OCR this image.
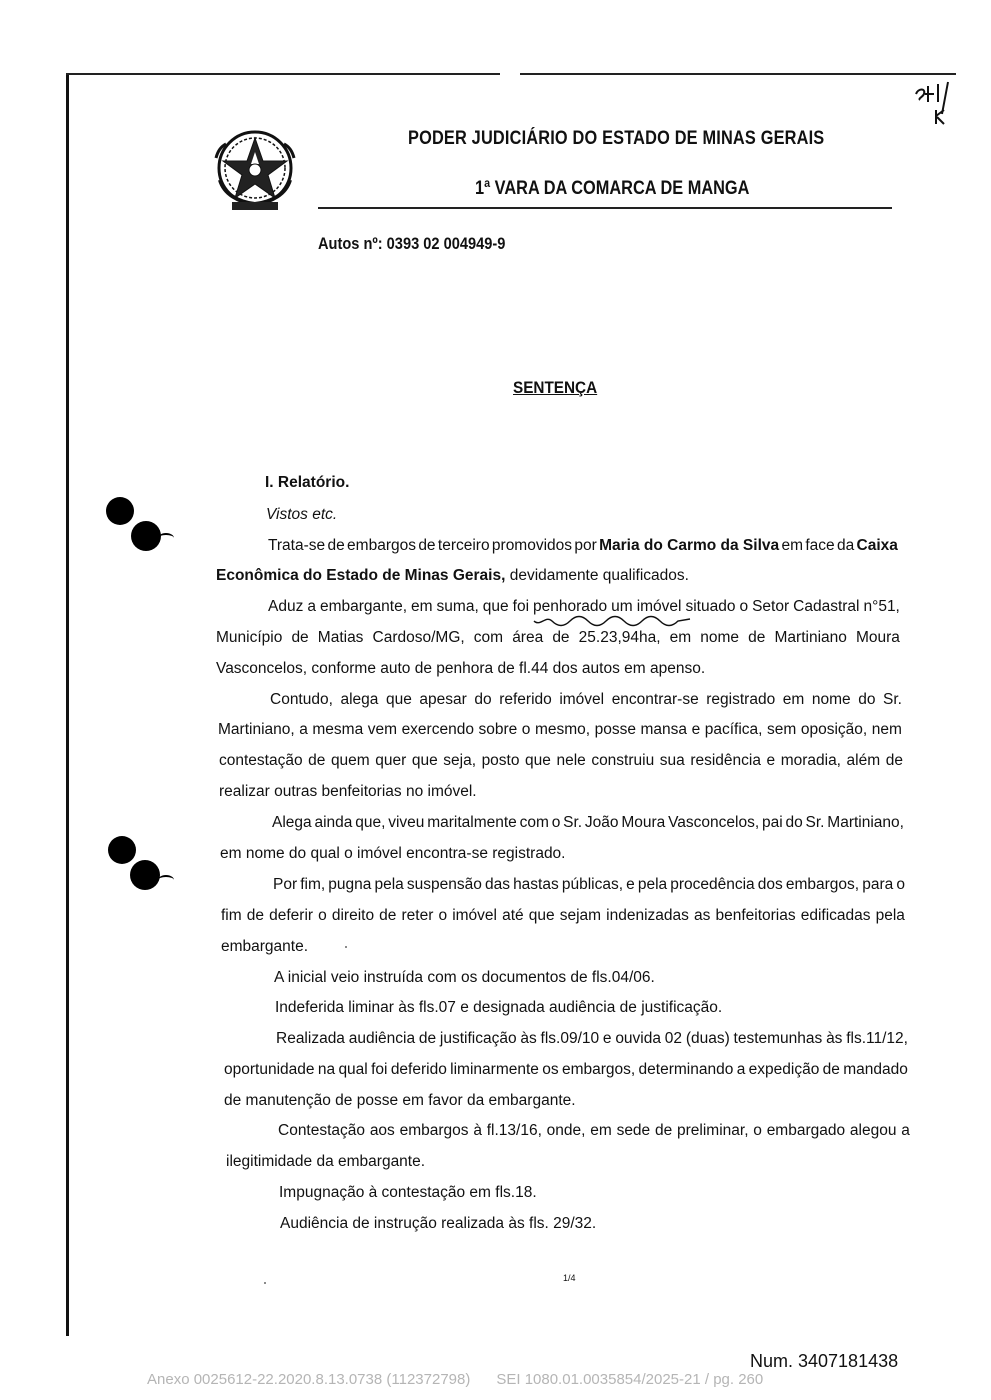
PODER JUDICIÁRIO DO ESTADO DE MINAS GERAIS
1ª VARA DA COMARCA DE MANGA
Autos nº: 0393 02 004949-9
SENTENÇA
I. Relatório.
Vistos etc.
Trata-se de embargos de terceiro promovidos por Maria do Carmo da Silva em face da Caixa
Econômica do Estado de Minas Gerais, devidamente qualificados.
Aduz a embargante, em suma, que foi penhorado um imóvel situado o Setor Cadastral n°51,
Município de Matias Cardoso/MG, com área de 25.23,94ha, em nome de Martiniano Moura
Vasconcelos, conforme auto de penhora de fl.44 dos autos em apenso.
Contudo, alega que apesar do referido imóvel encontrar-se registrado em nome do Sr.
Martiniano, a mesma vem exercendo sobre o mesmo, posse mansa e pacífica, sem oposição, nem
contestação de quem quer que seja, posto que nele construiu sua residência e moradia, além de
realizar outras benfeitorias no imóvel.
Alega ainda que, viveu maritalmente com o Sr. João Moura Vasconcelos, pai do Sr. Martiniano,
em nome do qual o imóvel encontra-se registrado.
Por fim, pugna pela suspensão das hastas públicas, e pela procedência dos embargos, para o
fim de deferir o direito de reter o imóvel até que sejam indenizadas as benfeitorias edificadas pela
embargante.
A inicial veio instruída com os documentos de fls.04/06.
Indeferida liminar às fls.07 e designada audiência de justificação.
Realizada audiência de justificação às fls.09/10 e ouvida 02 (duas) testemunhas às fls.11/12,
oportunidade na qual foi deferido liminarmente os embargos, determinando a expedição de mandado
de manutenção de posse em favor da embargante.
Contestação aos embargos à fl.13/16, onde, em sede de preliminar, o embargado alegou a
ilegitimidade da embargante.
Impugnação à contestação em fls.18.
Audiência de instrução realizada às fls. 29/32.
1/4
Num. 3407181438
Anexo 0025612-22.2020.8.13.0738 (112372798) SEI 1080.01.0035854/2025-21 / pg. 260
